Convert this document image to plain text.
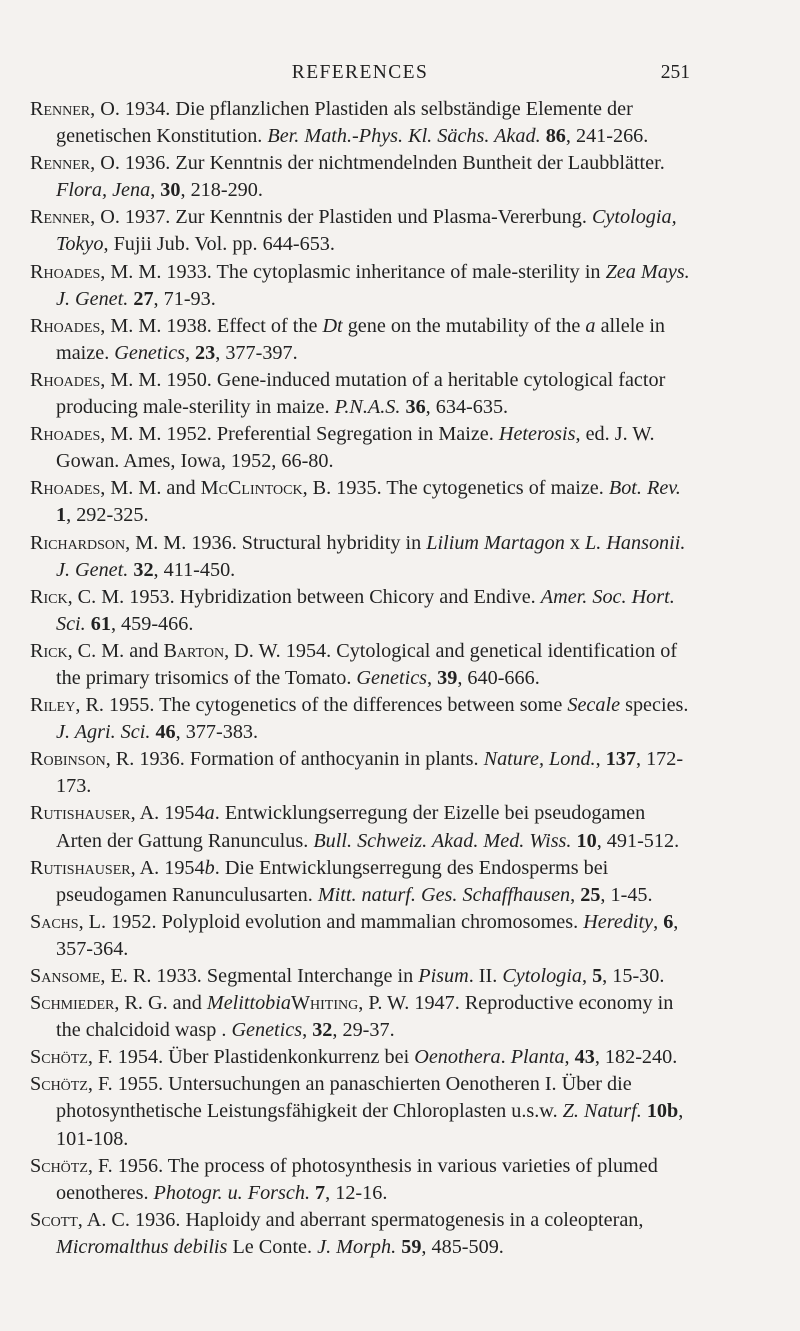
REFERENCES	251

Renner, O. 1934. Die pflanzlichen Plastiden als selbständige Elemente der genetischen Konstitution. Ber. Math.-Phys. Kl. Sächs. Akad. 86, 241-266.

Renner, O. 1936. Zur Kenntnis der nichtmendelnden Buntheit der Laubblätter. Flora, Jena, 30, 218-290.

Renner, O. 1937. Zur Kenntnis der Plastiden und Plasma-Vererbung. Cytologia, Tokyo, Fujii Jub. Vol. pp. 644-653.

Rhoades, M. M. 1933. The cytoplasmic inheritance of male-sterility in Zea Mays. J. Genet. 27, 71-93.

Rhoades, M. M. 1938. Effect of the Dt gene on the mutability of the a allele in maize. Genetics, 23, 377-397.

Rhoades, M. M. 1950. Gene-induced mutation of a heritable cytological factor producing male-sterility in maize. P.N.A.S. 36, 634-635.

Rhoades, M. M. 1952. Preferential Segregation in Maize. Heterosis, ed. J. W. Gowan. Ames, Iowa, 1952, 66-80.

Rhoades, M. M. and McClintock, B. 1935. The cytogenetics of maize. Bot. Rev. 1, 292-325.

Richardson, M. M. 1936. Structural hybridity in Lilium Martagon x L. Hansonii. J. Genet. 32, 411-450.

Rick, C. M. 1953. Hybridization between Chicory and Endive. Amer. Soc. Hort. Sci. 61, 459-466.

Rick, C. M. and Barton, D. W. 1954. Cytological and genetical identification of the primary trisomics of the Tomato. Genetics, 39, 640-666.

Riley, R. 1955. The cytogenetics of the differences between some Secale species. J. Agri. Sci. 46, 377-383.

Robinson, R. 1936. Formation of anthocyanin in plants. Nature, Lond., 137, 172-173.

Rutishauser, A. 1954a. Entwicklungserregung der Eizelle bei pseudogamen Arten der Gattung Ranunculus. Bull. Schweiz. Akad. Med. Wiss. 10, 491-512.

Rutishauser, A. 1954b. Die Entwicklungserregung des Endosperms bei pseudogamen Ranunculusarten. Mitt. naturf. Ges. Schaffhausen, 25, 1-45.

Sachs, L. 1952. Polyploid evolution and mammalian chromosomes. Heredity, 6, 357-364.

Sansome, E. R. 1933. Segmental Interchange in Pisum. II. Cytologia, 5, 15-30.

Schmieder, R. G. and MelittobiaWhiting, P. W. 1947. Reproductive economy in the chalcidoid wasp . Genetics, 32, 29-37.

Schötz, F. 1954. Über Plastidenkonkurrenz bei Oenothera. Planta, 43, 182-240.

Schötz, F. 1955. Untersuchungen an panaschierten Oenotheren I. Über die photosynthetische Leistungsfähigkeit der Chloroplasten u.s.w. Z. Naturf. 10b, 101-108.

Schötz, F. 1956. The process of photosynthesis in various varieties of plumed oenotheres. Photogr. u. Forsch. 7, 12-16.

Scott, A. C. 1936. Haploidy and aberrant spermatogenesis in a coleopteran, Micromalthus debilis Le Conte. J. Morph. 59, 485-509.
